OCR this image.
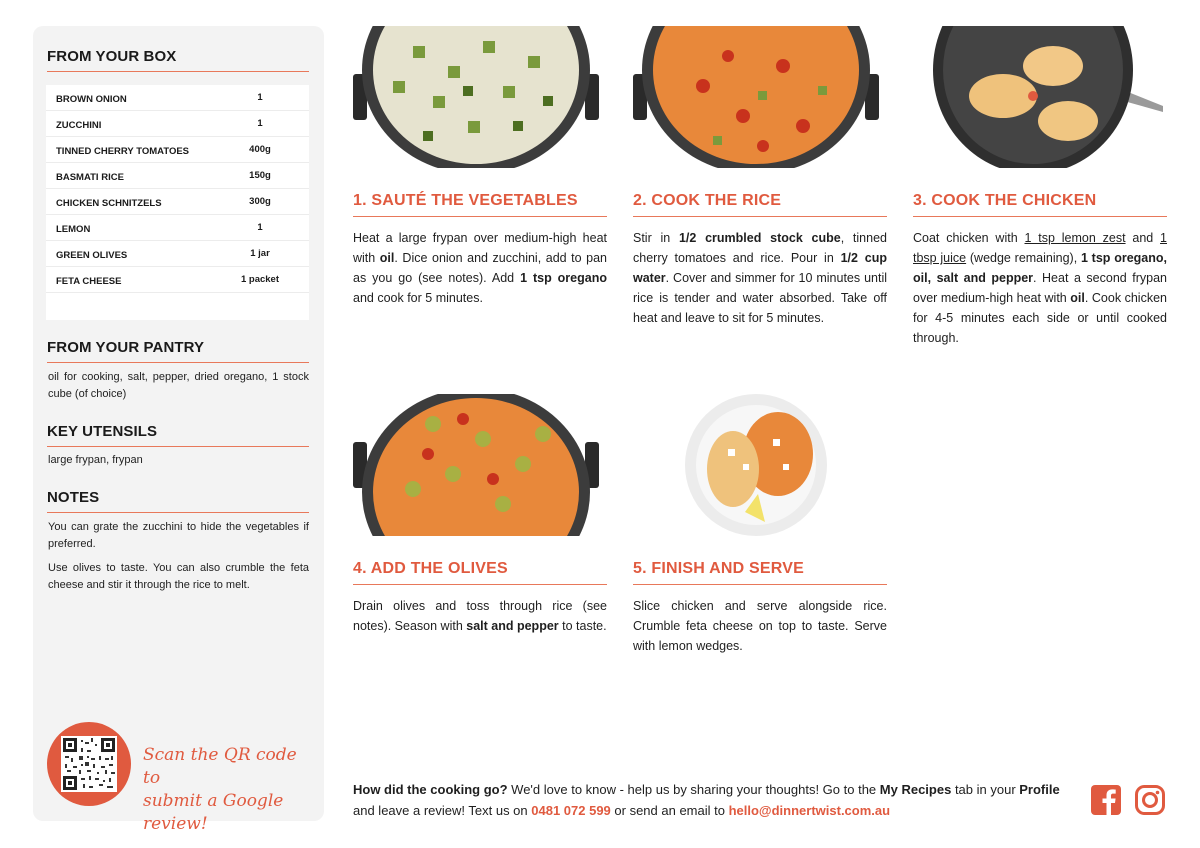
FROM YOUR BOX
BROWN ONION	1
ZUCCHINI	1
TINNED CHERRY TOMATOES	400g
BASMATI RICE	150g
CHICKEN SCHNITZELS	300g
LEMON	1
GREEN OLIVES	1 jar
FETA CHEESE	1 packet
FROM YOUR PANTRY
oil for cooking, salt, pepper, dried oregano, 1 stock cube (of choice)
KEY UTENSILS
large frypan, frypan
NOTES
You can grate the zucchini to hide the vegetables if preferred.
Use olives to taste. You can also crumble the feta cheese and stir it through the rice to melt.
Scan the QR code to
submit a Google review!
1. SAUTÉ THE VEGETABLES
Heat a large frypan over medium-high heat with oil. Dice onion and zucchini, add to pan as you go (see notes). Add 1 tsp oregano and cook for 5 minutes.
2. COOK THE RICE
Stir in 1/2 crumbled stock cube, tinned cherry tomatoes and rice. Pour in 1/2 cup water. Cover and simmer for 10 minutes until rice is tender and water absorbed. Take off heat and leave to sit for 5 minutes.
3. COOK THE CHICKEN
Coat chicken with 1 tsp lemon zest and 1 tbsp juice (wedge remaining), 1 tsp oregano, oil, salt and pepper. Heat a second frypan over medium-high heat with oil. Cook chicken for 4-5 minutes each side or until cooked through.
4. ADD THE OLIVES
Drain olives and toss through rice (see notes). Season with salt and pepper to taste.
5. FINISH AND SERVE
Slice chicken and serve alongside rice. Crumble feta cheese on top to taste. Serve with lemon wedges.
How did the cooking go? We'd love to know - help us by sharing your thoughts! Go to the My Recipes tab in your Profile and leave a review! Text us on 0481 072 599 or send an email to hello@dinnertwist.com.au
